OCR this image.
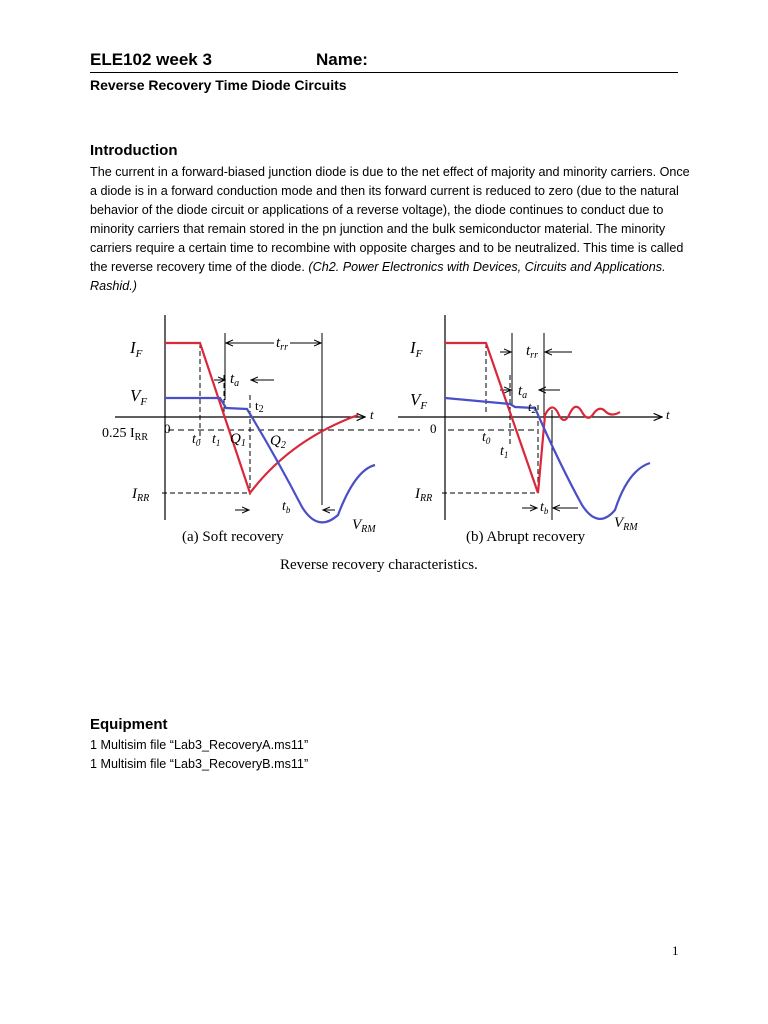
ELE102 week 3	Name:
Reverse Recovery Time Diode Circuits
Introduction

The current in a forward-biased junction diode is due to the net effect of majority and minority carriers. Once a diode is in a forward conduction mode and then its forward current is reduced to zero (due to the natural behavior of the diode circuit or applications of a reverse voltage), the diode continues to conduct due to minority carriers that remain stored in the pn junction and the bulk semiconductor material. The minority carriers require a certain time to recombine with opposite charges and to be neutralized. This time is called the reverse recovery time of the diode. (Ch2. Power Electronics with Devices, Circuits and Applications. Rashid.)

$I_F$
$V_F$
0.25 $I_{RR}$
0
$I_{RR}$
$t_{rr}$
$t_a$
t2
$t_0$ $t_1$ $Q_1$ $Q_2$
$t_b$
$V_{RM}$
t
(a) Soft recovery
$I_F$
$V_F$
0
$I_{RR}$
$t_{rr}$
$t_a$
t2
$t_0$
$t_1$
$t_b$
$V_{RM}$
t
(b) Abrupt recovery
Reverse recovery characteristics.
Equipment
1 Multisim file “Lab3_RecoveryA.ms11”
1 Multisim file “Lab3_RecoveryB.ms11”
1
